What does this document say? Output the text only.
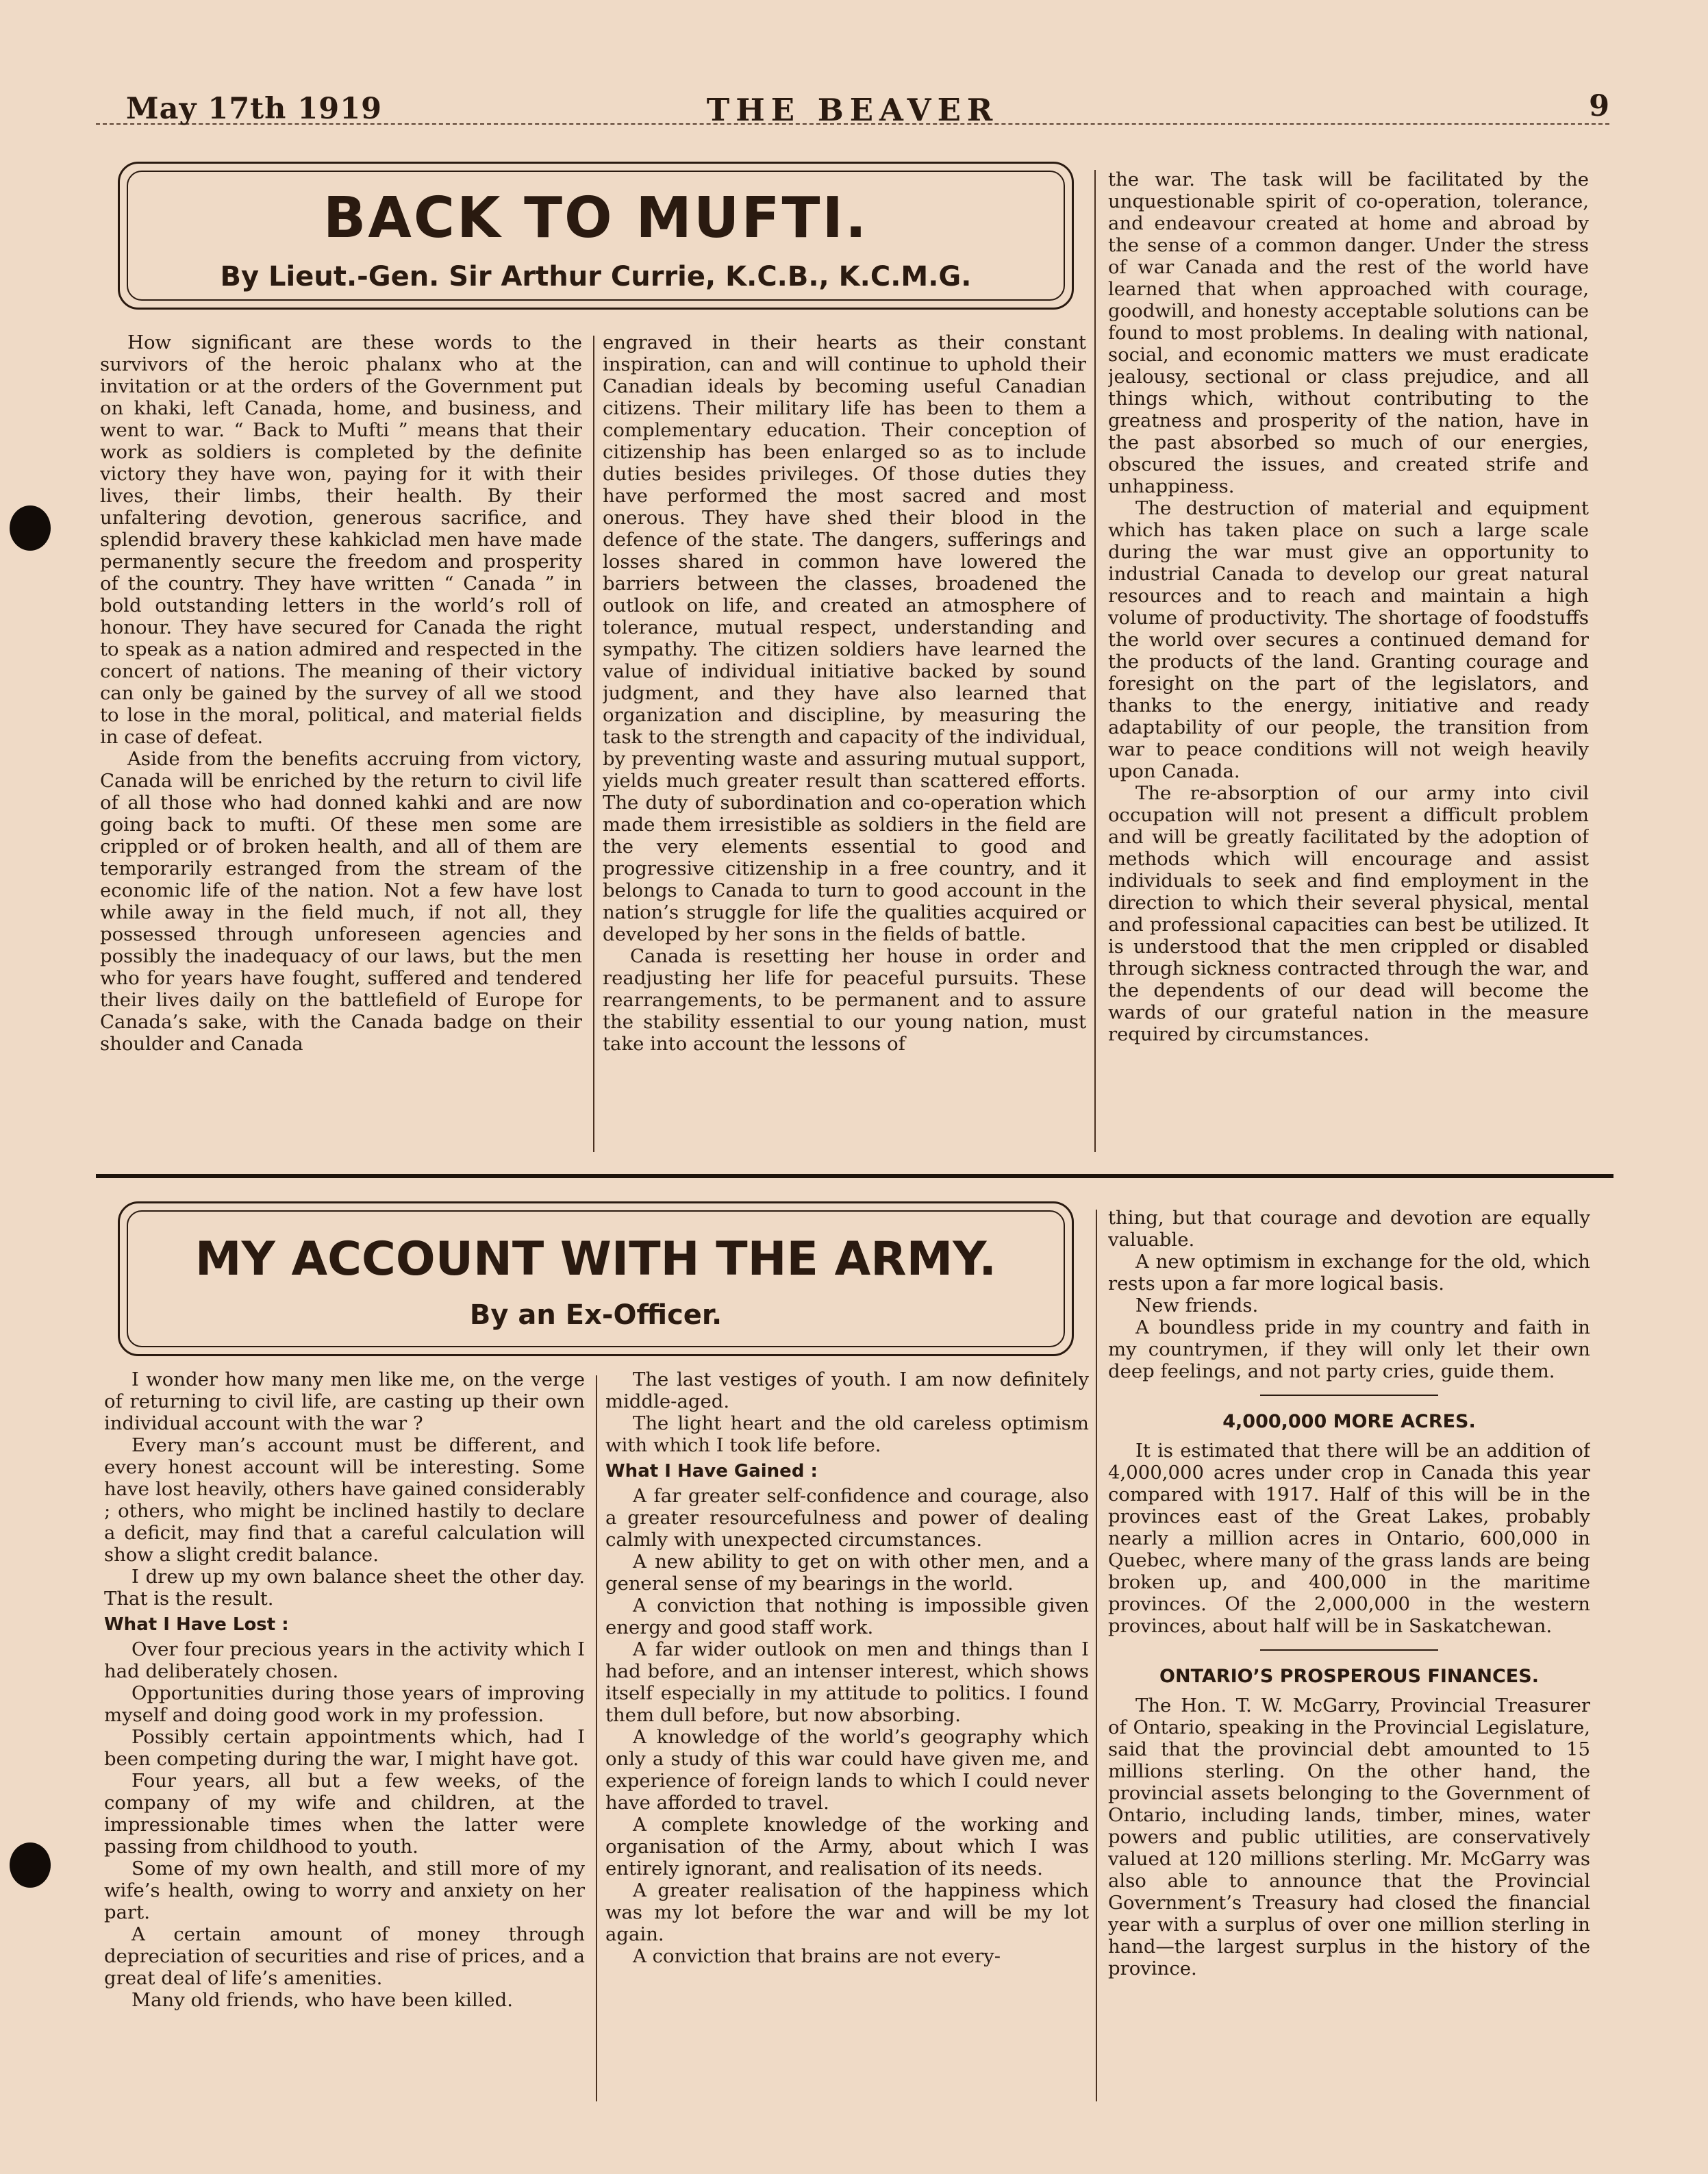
May 17th 1919	THE BEAVER	9
BACK TO MUFTI.
By Lieut.-Gen. Sir Arthur Currie, K.C.B., K.C.M.G.

How significant are these words to the survivors of the heroic phalanx who at the invitation or at the orders of the Government put on khaki, left Canada, home, and business, and went to war. “ Back to Mufti ” means that their work as soldiers is completed by the definite victory they have won, paying for it with their lives, their limbs, their health. By their unfaltering devotion, generous sacrifice, and splendid bravery these kahkiclad men have made permanently secure the freedom and prosperity of the country. They have written “ Canada ” in bold outstanding letters in the world’s roll of honour. They have secured for Canada the right to speak as a nation admired and respected in the concert of nations. The meaning of their victory can only be gained by the survey of all we stood to lose in the moral, political, and material fields in case of defeat.

Aside from the benefits accruing from victory, Canada will be enriched by the return to civil life of all those who had donned kahki and are now going back to mufti. Of these men some are crippled or of broken health, and all of them are temporarily estranged from the stream of the economic life of the nation. Not a few have lost while away in the field much, if not all, they possessed through unforeseen agencies and possibly the inadequacy of our laws, but the men who for years have fought, suffered and tendered their lives daily on the battlefield of Europe for Canada’s sake, with the Canada badge on their shoulder and Canada

engraved in their hearts as their constant inspiration, can and will continue to uphold their Canadian ideals by becoming useful Canadian citizens. Their military life has been to them a complementary education. Their conception of citizenship has been enlarged so as to include duties besides privileges. Of those duties they have performed the most sacred and most onerous. They have shed their blood in the defence of the state. The dangers, sufferings and losses shared in common have lowered the barriers between the classes, broadened the outlook on life, and created an atmosphere of tolerance, mutual respect, understanding and sympathy. The citizen soldiers have learned the value of individual initiative backed by sound judgment, and they have also learned that organization and discipline, by measuring the task to the strength and capacity of the individual, by preventing waste and assuring mutual support, yields much greater result than scattered efforts. The duty of subordination and co-operation which made them irresistible as soldiers in the field are the very elements essential to good and progressive citizenship in a free country, and it belongs to Canada to turn to good account in the nation’s struggle for life the qualities acquired or developed by her sons in the fields of battle.

Canada is resetting her house in order and readjusting her life for peaceful pursuits. These rearrangements, to be permanent and to assure the stability essential to our young nation, must take into account the lessons of

the war. The task will be facilitated by the unquestionable spirit of co-operation, tolerance, and endeavour created at home and abroad by the sense of a common danger. Under the stress of war Canada and the rest of the world have learned that when approached with courage, goodwill, and honesty acceptable solutions can be found to most problems. In dealing with national, social, and economic matters we must eradicate jealousy, sectional or class prejudice, and all things which, without contributing to the greatness and prosperity of the nation, have in the past absorbed so much of our energies, obscured the issues, and created strife and unhappiness.

The destruction of material and equipment which has taken place on such a large scale during the war must give an opportunity to industrial Canada to develop our great natural resources and to reach and maintain a high volume of productivity. The shortage of foodstuffs the world over secures a continued demand for the products of the land. Granting courage and foresight on the part of the legislators, and thanks to the energy, initiative and ready adaptability of our people, the transition from war to peace conditions will not weigh heavily upon Canada.

The re-absorption of our army into civil occupation will not present a difficult problem and will be greatly facilitated by the adoption of methods which will encourage and assist individuals to seek and find employment in the direction to which their several physical, mental and professional capacities can best be utilized. It is understood that the men crippled or disabled through sickness contracted through the war, and the dependents of our dead will become the wards of our grateful nation in the measure required by circumstances.

MY ACCOUNT WITH THE ARMY.
By an Ex-Officer.

I wonder how many men like me, on the verge of returning to civil life, are casting up their own individual account with the war ?

Every man’s account must be different, and every honest account will be interesting. Some have lost heavily, others have gained considerably ; others, who might be inclined hastily to declare a deficit, may find that a careful calculation will show a slight credit balance.

I drew up my own balance sheet the other day. That is the result.

What I Have Lost :

Over four precious years in the activity which I had deliberately chosen.

Opportunities during those years of improving myself and doing good work in my profession.

Possibly certain appointments which, had I been competing during the war, I might have got.

Four years, all but a few weeks, of the company of my wife and children, at the impressionable times when the latter were passing from childhood to youth.

Some of my own health, and still more of my wife’s health, owing to worry and anxiety on her part.

A certain amount of money through depreciation of securities and rise of prices, and a great deal of life’s amenities.

Many old friends, who have been killed.

The last vestiges of youth. I am now definitely middle-aged.

The light heart and the old careless optimism with which I took life before.

What I Have Gained :

A far greater self-confidence and courage, also a greater resourcefulness and power of dealing calmly with unexpected circumstances.

A new ability to get on with other men, and a general sense of my bearings in the world.

A conviction that nothing is impossible given energy and good staff work.

A far wider outlook on men and things than I had before, and an intenser interest, which shows itself especially in my attitude to politics. I found them dull before, but now absorbing.

A knowledge of the world’s geography which only a study of this war could have given me, and experience of foreign lands to which I could never have afforded to travel.

A complete knowledge of the working and organisation of the Army, about which I was entirely ignorant, and realisation of its needs.

A greater realisation of the happiness which was my lot before the war and will be my lot again.

A conviction that brains are not every-

thing, but that courage and devotion are equally valuable.

A new optimism in exchange for the old, which rests upon a far more logical basis.

New friends.

A boundless pride in my country and faith in my countrymen, if they will only let their own deep feelings, and not party cries, guide them.

4,000,000 MORE ACRES.

It is estimated that there will be an addition of 4,000,000 acres under crop in Canada this year compared with 1917. Half of this will be in the provinces east of the Great Lakes, probably nearly a million acres in Ontario, 600,000 in Quebec, where many of the grass lands are being broken up, and 400,000 in the maritime provinces. Of the 2,000,000 in the western provinces, about half will be in Saskatchewan.

ONTARIO’S PROSPEROUS FINANCES.

The Hon. T. W. McGarry, Provincial Treasurer of Ontario, speaking in the Provincial Legislature, said that the provincial debt amounted to 15 millions sterling. On the other hand, the provincial assets belonging to the Government of Ontario, including lands, timber, mines, water powers and public utilities, are conservatively valued at 120 millions sterling. Mr. McGarry was also able to announce that the Provincial Government’s Treasury had closed the financial year with a surplus of over one million sterling in hand—the largest surplus in the history of the province.
